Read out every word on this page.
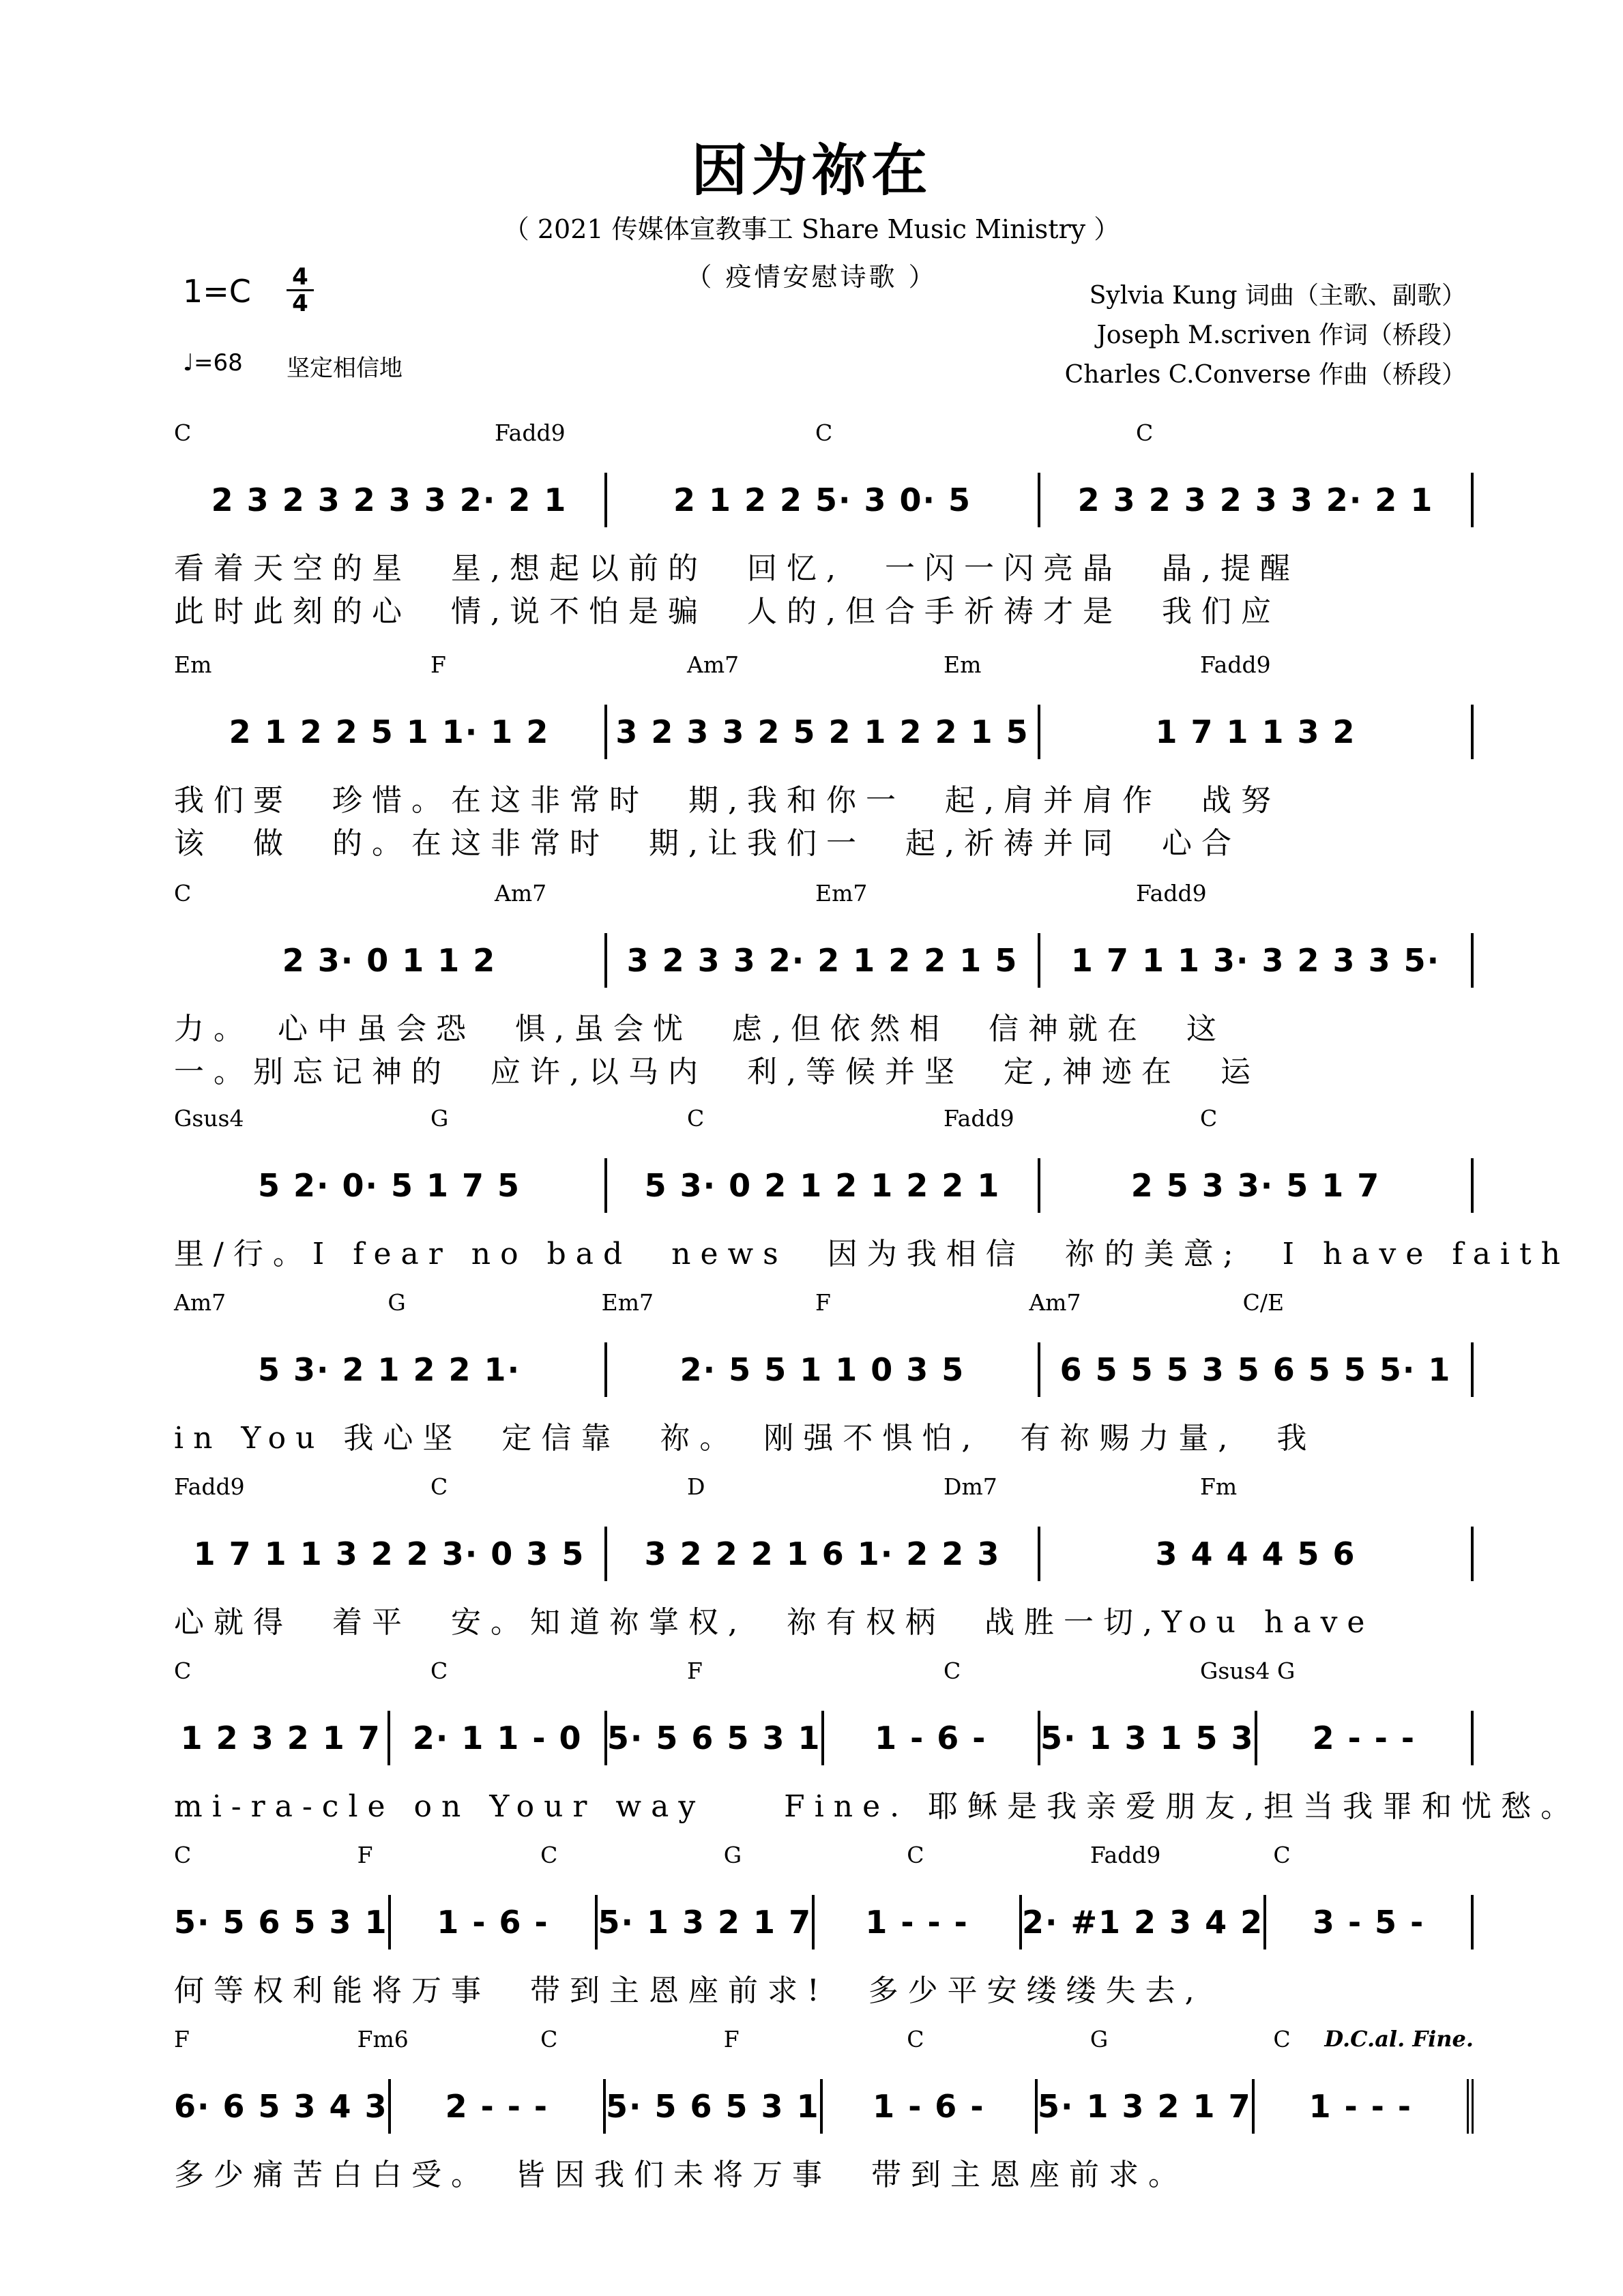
因为祢在
（ 2021 传媒体宣教事工 Share Music Ministry ）
（ 疫情安慰诗歌 ）
1=C 4
4
♩=68 坚定相信地
Sylvia Kung 词曲（主歌、副歌）
Joseph M.scriven 作词（桥段）
Charles C.Converse 作曲（桥段）
C	Fadd9	C	C
2 3 2 3 2 3 3 2· 2 1	2 1 2 2 5· 3 0· 5	2 3 2 3 2 3 3 2· 2 1
看着天空的星　星,想起以前的　回忆,　一闪一闪亮晶　晶,提醒
此时此刻的心　情,说不怕是骗　人的,但合手祈祷才是　我们应
Em	F	Am7	Em	Fadd9
2 1 2 2 5 1 1· 1 2	3 2 3 3 2 5 2 1 2 2 1 5	1 7 1 1 3 2
我们要　珍惜。在这非常时　期,我和你一　起,肩并肩作　战努
该　做　的。在这非常时　期,让我们一　起,祈祷并同　心合
C	Am7	Em7	Fadd9
2 3· 0 1 1 2	3 2 3 3 2· 2 1 2 2 1 5	1 7 1 1 3· 3 2 3 3 5·
力。　心中虽会恐　惧,虽会忧　虑,但依然相　信神就在　这
一。别忘记神的　应许,以马内　利,等候并坚　定,神迹在　运
Gsus4	G	C	Fadd9	C
5 2· 0· 5 1 7 5	5 3· 0 2 1 2 1 2 2 1	2 5 3 3· 5 1 7
里/行。I fear no bad　news　因为我相信　祢的美意;　I have faith
Am7	G	Em7	F	Am7	C/E
5 3· 2 1 2 2 1·	2· 5 5 1 1 0 3 5	6 5 5 5 3 5 6 5 5 5· 1
in You 我心坚　定信靠　祢。　刚强不惧怕,　有祢赐力量,　我
Fadd9	C	D	Dm7	Fm
1 7 1 1 3 2 2 3· 0 3 5	3 2 2 2 1 6 1· 2 2 3	3 4 4 4 5 6
心就得　着平　安。知道祢掌权,　祢有权柄　战胜一切,You have
C	C	F	C	Gsus4 G
1 2 3 2 1 7	2· 1 1 - 0 5· 5 6 5 3 1	1 - 6 -	5· 1 3 1 5 3	2 - - -
mi-ra-cle on Your way　　Fine. 耶稣是我亲爱朋友,担当我罪和忧愁。
C	F	C	G	C	Fadd9	C
5· 5 6 5 3 1	1 - 6 -	5· 1 3 2 1 7	1 - - -	2· #1 2 3 4 2	3 - 5 -
何等权利能将万事　带到主恩座前求!　多少平安缕缕失去,
F	Fm6	C	F	C	G	C
6· 6 5 3 4 3	2 - - -	5· 5 6 5 3 1	1 - 6 -	5· 1 3 2 1 7	1 - - -
多少痛苦白白受。　皆因我们未将万事　带到主恩座前求。
D.C.al. Fine.
